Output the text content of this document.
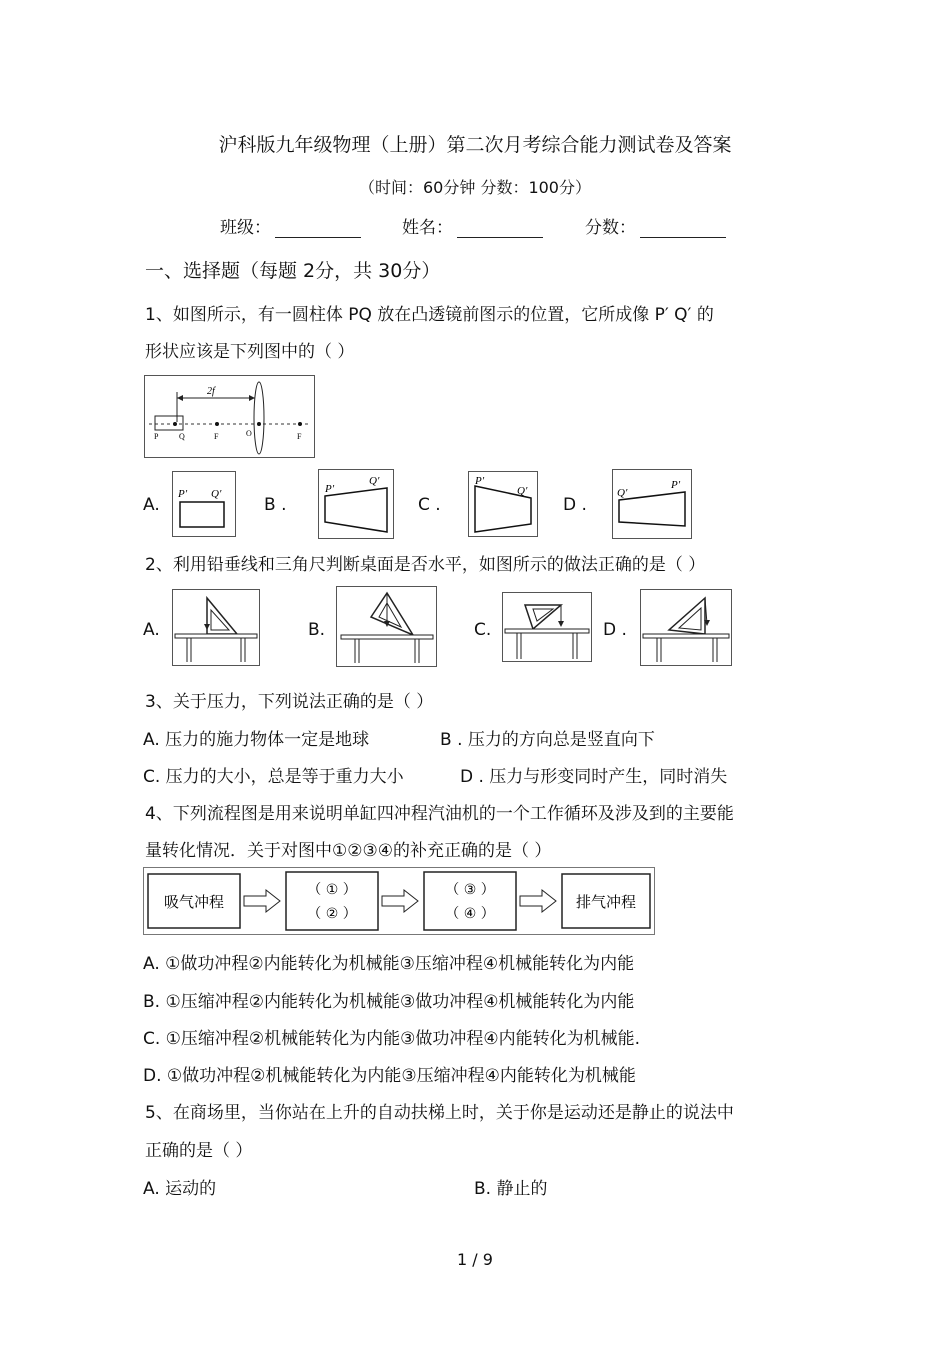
沪科版九年级物理（上册）第二次月考综合能力测试卷及答案
（时间：60分钟 分数：100分）
班级：	姓名：	分数：
一、选择题（每题 2分，共 30分）
1、如图所示，有一圆柱体 PQ 放在凸透镜前图示的位置，它所成像 P′ Q′ 的
形状应该是下列图中的（ ）
2f
P	Q	F	O	F
A.
P′ Q′
B .
P′
Q′
C .
P′
Q′
D .
Q′
P′
2、利用铅垂线和三角尺判断桌面是否水平，如图所示的做法正确的是（ ）
A.	B.	C.	D .
3、关于压力，下列说法正确的是（ ）
A. 压力的施力物体一定是地球	B . 压力的方向总是竖直向下
C. 压力的大小，总是等于重力大小	D . 压力与形变同时产生，同时消失
4、下列流程图是用来说明单缸四冲程汽油机的一个工作循环及涉及到的主要能
量转化情况．关于对图中①②③④的补充正确的是（ ）
吸气冲程
（ ① ）
（ ② ）
（ ③ ）
（ ④ ）
排气冲程
A. ①做功冲程②内能转化为机械能③压缩冲程④机械能转化为内能
B. ①压缩冲程②内能转化为机械能③做功冲程④机械能转化为内能
C. ①压缩冲程②机械能转化为内能③做功冲程④内能转化为机械能.
D. ①做功冲程②机械能转化为内能③压缩冲程④内能转化为机械能
5、在商场里，当你站在上升的自动扶梯上时，关于你是运动还是静止的说法中
正确的是（ ）
A. 运动的	B. 静止的
1 / 9
